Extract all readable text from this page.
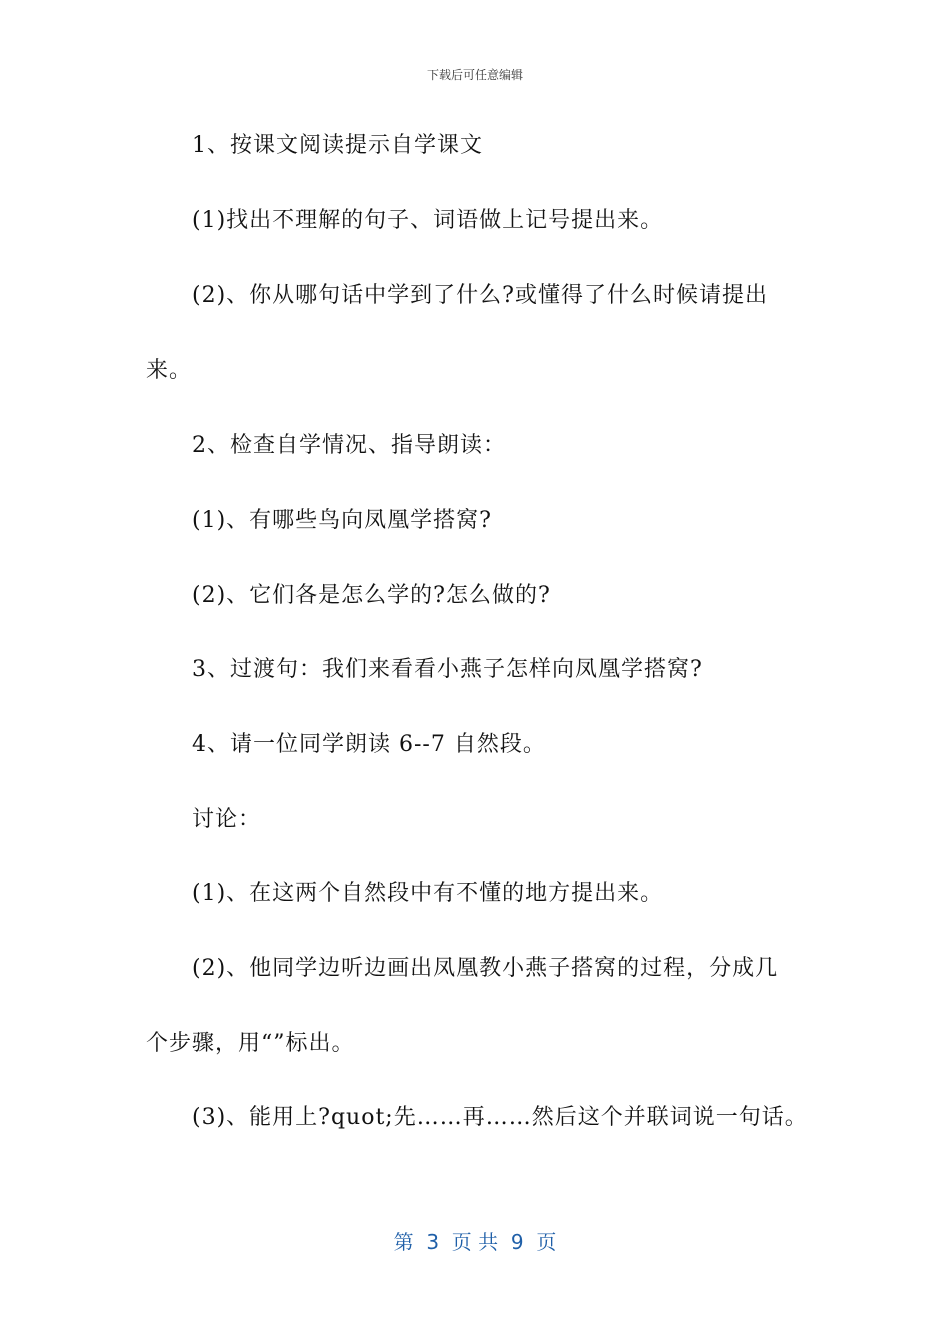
下载后可任意编辑
1、按课文阅读提示自学课文
(1)找出不理解的句子、词语做上记号提出来。
(2)、你从哪句话中学到了什么?或懂得了什么时候请提出
来。
2、检查自学情况、指导朗读：
(1)、有哪些鸟向凤凰学搭窝?
(2)、它们各是怎么学的?怎么做的?
3、过渡句：我们来看看小燕子怎样向凤凰学搭窝?
4、请一位同学朗读 6--7 自然段。
讨论：
(1)、在这两个自然段中有不懂的地方提出来。
(2)、他同学边听边画出凤凰教小燕子搭窝的过程，分成几
个步骤，用“”标出。
(3)、能用上?quot;先……再……然后这个并联词说一句话。
第  3  页 共  9  页
